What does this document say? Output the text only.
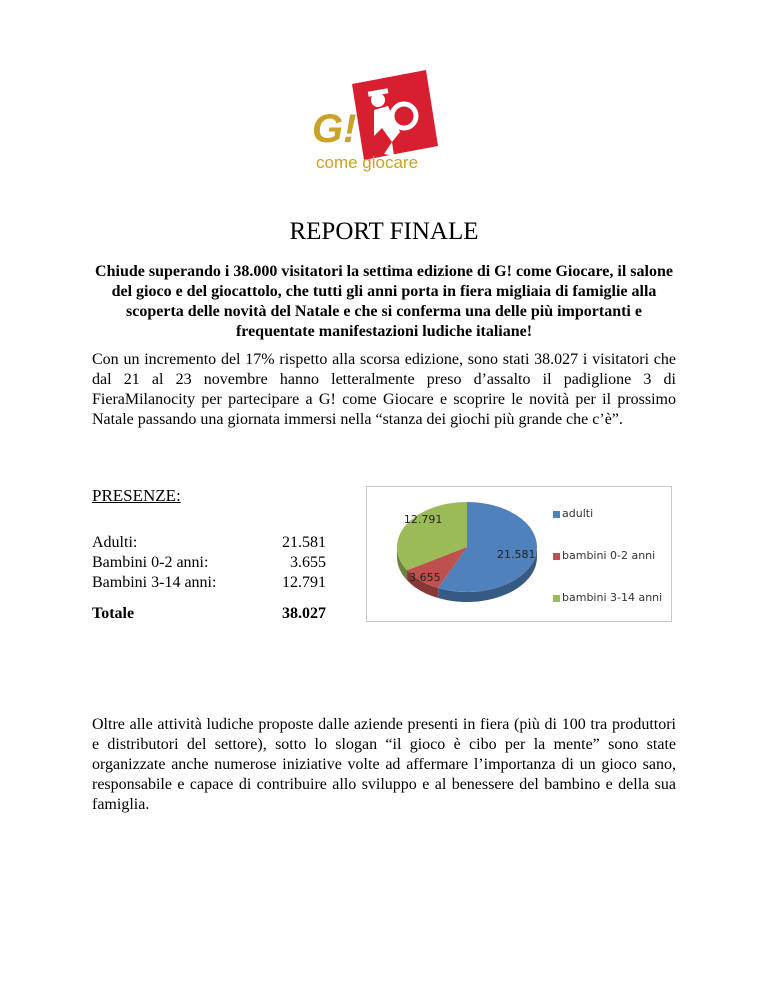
G!
come giocare
REPORT FINALE
Chiude superando i 38.000 visitatori la settima edizione di G! come Giocare, il salone del gioco e del giocattolo, che tutti gli anni porta in fiera migliaia di famiglie alla scoperta delle novità del Natale e che si conferma una delle più importanti e frequentate manifestazioni ludiche italiane!
Con un incremento del 17% rispetto alla scorsa edizione, sono stati 38.027 i visitatori che dal 21 al 23 novembre hanno letteralmente preso d’assalto il padiglione 3 di FieraMilanocity per partecipare a G! come Giocare e scoprire le novità per il prossimo Natale passando una giornata immersi nella “stanza dei giochi più grande che c’è”.
PRESENZE:
Adulti:	21.581
Bambini 0-2 anni:	3.655
Bambini 3-14 anni:	12.791
Totale	38.027
21.581
3.655
12.791	adulti
bambini 0-2 anni
bambini 3-14 anni
Oltre alle attività ludiche proposte dalle aziende presenti in fiera (più di 100 tra produttori e distributori del settore), sotto lo slogan “il gioco è cibo per la mente” sono state organizzate anche numerose iniziative volte ad affermare l’importanza di un gioco sano, responsabile e capace di contribuire allo sviluppo e al benessere del bambino e della sua famiglia.
